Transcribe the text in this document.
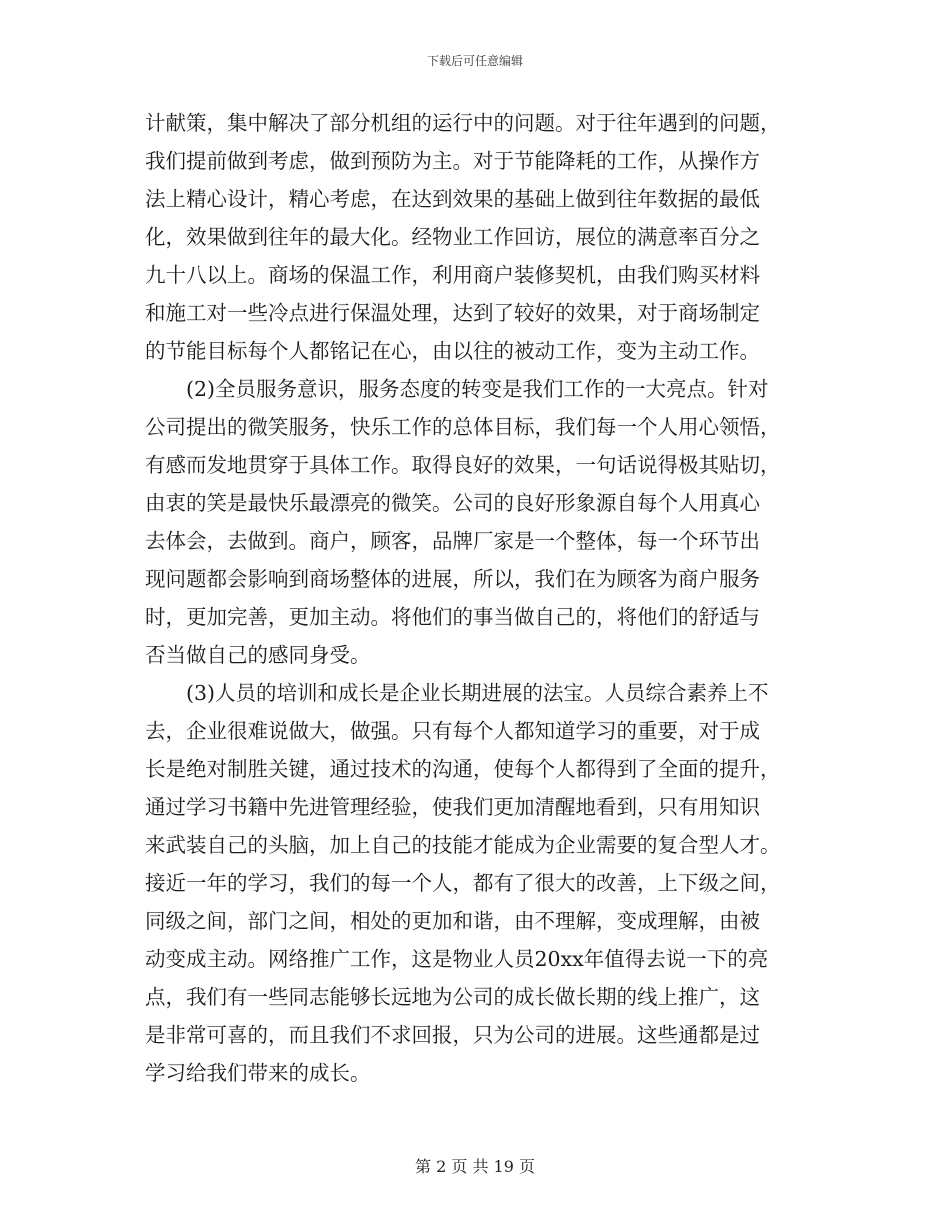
下载后可任意编辑
计献策，集中解决了部分机组的运行中的问题。对于往年遇到的问题，
我们提前做到考虑，做到预防为主。对于节能降耗的工作，从操作方
法上精心设计，精心考虑，在达到效果的基础上做到往年数据的最低
化，效果做到往年的最大化。经物业工作回访，展位的满意率百分之
九十八以上。商场的保温工作，利用商户装修契机，由我们购买材料
和施工对一些冷点进行保温处理，达到了较好的效果，对于商场制定
的节能目标每个人都铭记在心，由以往的被动工作，变为主动工作。
(2)全员服务意识，服务态度的转变是我们工作的一大亮点。针对
公司提出的微笑服务，快乐工作的总体目标，我们每一个人用心领悟，
有感而发地贯穿于具体工作。取得良好的效果，一句话说得极其贴切，
由衷的笑是最快乐最漂亮的微笑。公司的良好形象源自每个人用真心
去体会，去做到。商户，顾客，品牌厂家是一个整体，每一个环节出
现问题都会影响到商场整体的进展，所以，我们在为顾客为商户服务
时，更加完善，更加主动。将他们的事当做自己的，将他们的舒适与
否当做自己的感同身受。
(3)人员的培训和成长是企业长期进展的法宝。人员综合素养上不
去，企业很难说做大，做强。只有每个人都知道学习的重要，对于成
长是绝对制胜关键，通过技术的沟通，使每个人都得到了全面的提升，
通过学习书籍中先进管理经验，使我们更加清醒地看到，只有用知识
来武装自己的头脑，加上自己的技能才能成为企业需要的复合型人才。
接近一年的学习，我们的每一个人，都有了很大的改善，上下级之间，
同级之间，部门之间，相处的更加和谐，由不理解，变成理解，由被
动变成主动。网络推广工作，这是物业人员20xx年值得去说一下的亮
点，我们有一些同志能够长远地为公司的成长做长期的线上推广，这
是非常可喜的，而且我们不求回报，只为公司的进展。这些通都是过
学习给我们带来的成长。
第 2 页 共 19 页
